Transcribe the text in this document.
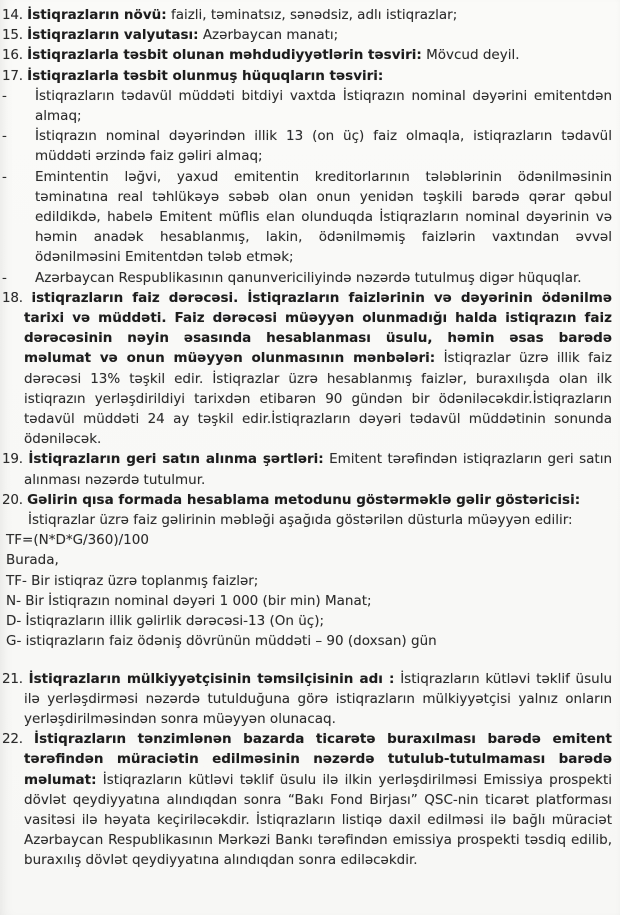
14. İstiqrazların növü: faizli, təminatsız, sənədsiz, adlı istiqrazlar;

15. İstiqrazların valyutası: Azərbaycan manatı;

16. İstiqrazlarla təsbit olunan məhdudiyyətlərin təsviri: Mövcud deyil.

17. İstiqrazlarla təsbit olunmuş hüquqların təsviri:

- İstiqrazların tədavül müddəti bitdiyi vaxtda İstiqrazın nominal dəyərini emitentdən almaq;

- İstiqrazın nominal dəyərindən illik 13 (on üç) faiz olmaqla, istiqrazların tədavül müddəti ərzində faiz gəliri almaq;

- Emintentin ləğvi, yaxud emitentin kreditorlarının tələblərinin ödənilməsinin təminatına real təhlükəyə səbəb olan onun yenidən təşkili barədə qərar qəbul edildikdə, habelə Emitent müflis elan olunduqda İstiqrazların nominal dəyərinin və həmin anadək hesablanmış, lakin, ödənilməmiş faizlərin vaxtından əvvəl ödənilməsini Emitentdən tələb etmək;

- Azərbaycan Respublikasının qanunvericiliyində nəzərdə tutulmuş digər hüquqlar.

18. istiqrazların faiz dərəcəsi. İstiqrazların faizlərinin və dəyərinin ödənilmə tarixi və müddəti. Faiz dərəcəsi müəyyən olunmadığı halda istiqrazın faiz dərəcəsinin nəyin əsasında hesablanması üsulu, həmin əsas barədə məlumat və onun müəyyən olunmasının mənbələri: İstiqrazlar üzrə illik faiz dərəcəsi 13% təşkil edir. İstiqrazlar üzrə hesablanmış faizlər, buraxılışda olan ilk istiqrazın yerləşdirildiyi tarixdən etibarən 90 gündən bir ödəniləcəkdir.İstiqrazların tədavül müddəti 24 ay təşkil edir.İstiqrazların dəyəri tədavül müddətinin sonunda ödəniləcək.

19. İstiqrazların geri satın alınma şərtləri: Emitent tərəfindən istiqrazların geri satın alınması nəzərdə tutulmur.

20. Gəlirin qısa formada hesablama metodunu göstərməklə gəlir göstəricisi:

İstiqrazlar üzrə faiz gəlirinin məbləği aşağıda göstərilən düsturla müəyyən edilir:

TF=(N*D*G/360)/100

Burada,

TF- Bir istiqraz üzrə toplanmış faizlər;

N- Bir İstiqrazın nominal dəyəri 1 000 (bir min) Manat;

D- İstiqrazların illik gəlirlik dərəcəsi-13 (On üç);

G- istiqrazların faiz ödəniş dövrünün müddəti – 90 (doxsan) gün

21. İstiqrazların mülkiyyətçisinin təmsilçisinin adı : İstiqrazların kütləvi təklif üsulu ilə yerləşdirməsi nəzərdə tutulduğuna görə istiqrazların mülkiyyətçisi yalnız onların yerləşdirilməsindən sonra müəyyən olunacaq.

22. İstiqrazların tənzimlənən bazarda ticarətə buraxılması barədə emitent tərəfindən müraciətin edilməsinin nəzərdə tutulub-tutulmaması barədə məlumat: İstiqrazların kütləvi təklif üsulu ilə ilkin yerləşdirilməsi Emissiya prospekti dövlət qeydiyyatına alındıqdan sonra “Bakı Fond Birjası” QSC-nin ticarət platforması vasitəsi ilə həyata keçiriləcəkdir. İstiqrazların listiqə daxil edilməsi ilə bağlı müraciət Azərbaycan Respublikasının Mərkəzi Bankı tərəfindən emissiya prospekti təsdiq edilib, buraxılış dövlət qeydiyyatına alındıqdan sonra ediləcəkdir.
